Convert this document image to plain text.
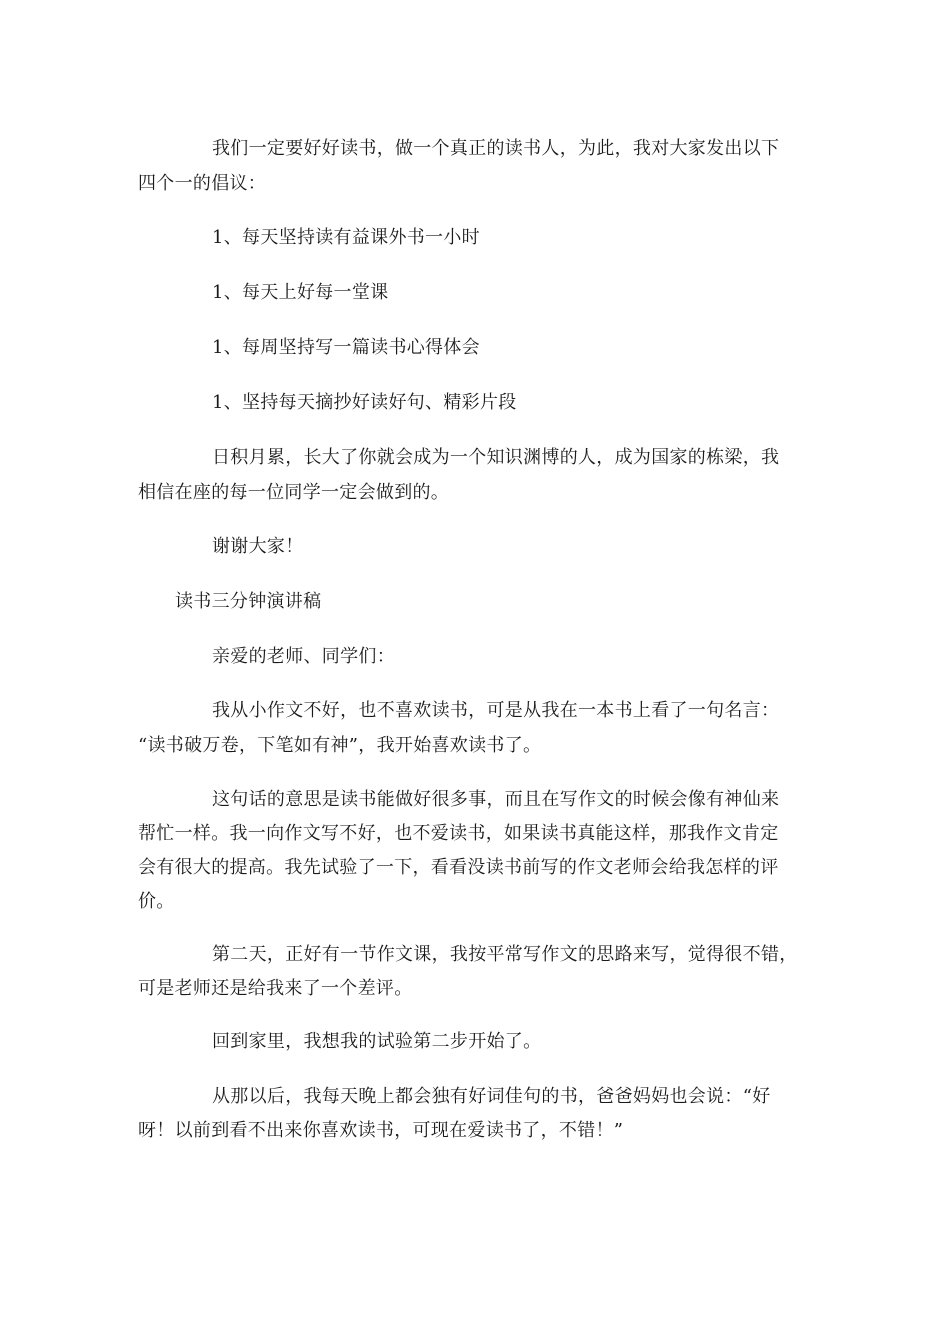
我们一定要好好读书，做一个真正的读书人，为此，我对大家发出以下
四个一的倡议：
1、每天坚持读有益课外书一小时
1、每天上好每一堂课
1、每周坚持写一篇读书心得体会
1、坚持每天摘抄好读好句、精彩片段
日积月累，长大了你就会成为一个知识渊博的人，成为国家的栋梁，我
相信在座的每一位同学一定会做到的。
谢谢大家！
读书三分钟演讲稿
亲爱的老师、同学们：
我从小作文不好，也不喜欢读书，可是从我在一本书上看了一句名言：
“读书破万卷，下笔如有神”，我开始喜欢读书了。
这句话的意思是读书能做好很多事，而且在写作文的时候会像有神仙来
帮忙一样。我一向作文写不好，也不爱读书，如果读书真能这样，那我作文肯定
会有很大的提高。我先试验了一下，看看没读书前写的作文老师会给我怎样的评
价。
第二天，正好有一节作文课，我按平常写作文的思路来写，觉得很不错，
可是老师还是给我来了一个差评。
回到家里，我想我的试验第二步开始了。
从那以后，我每天晚上都会独有好词佳句的书，爸爸妈妈也会说：“好
呀！以前到看不出来你喜欢读书，可现在爱读书了，不错！”
